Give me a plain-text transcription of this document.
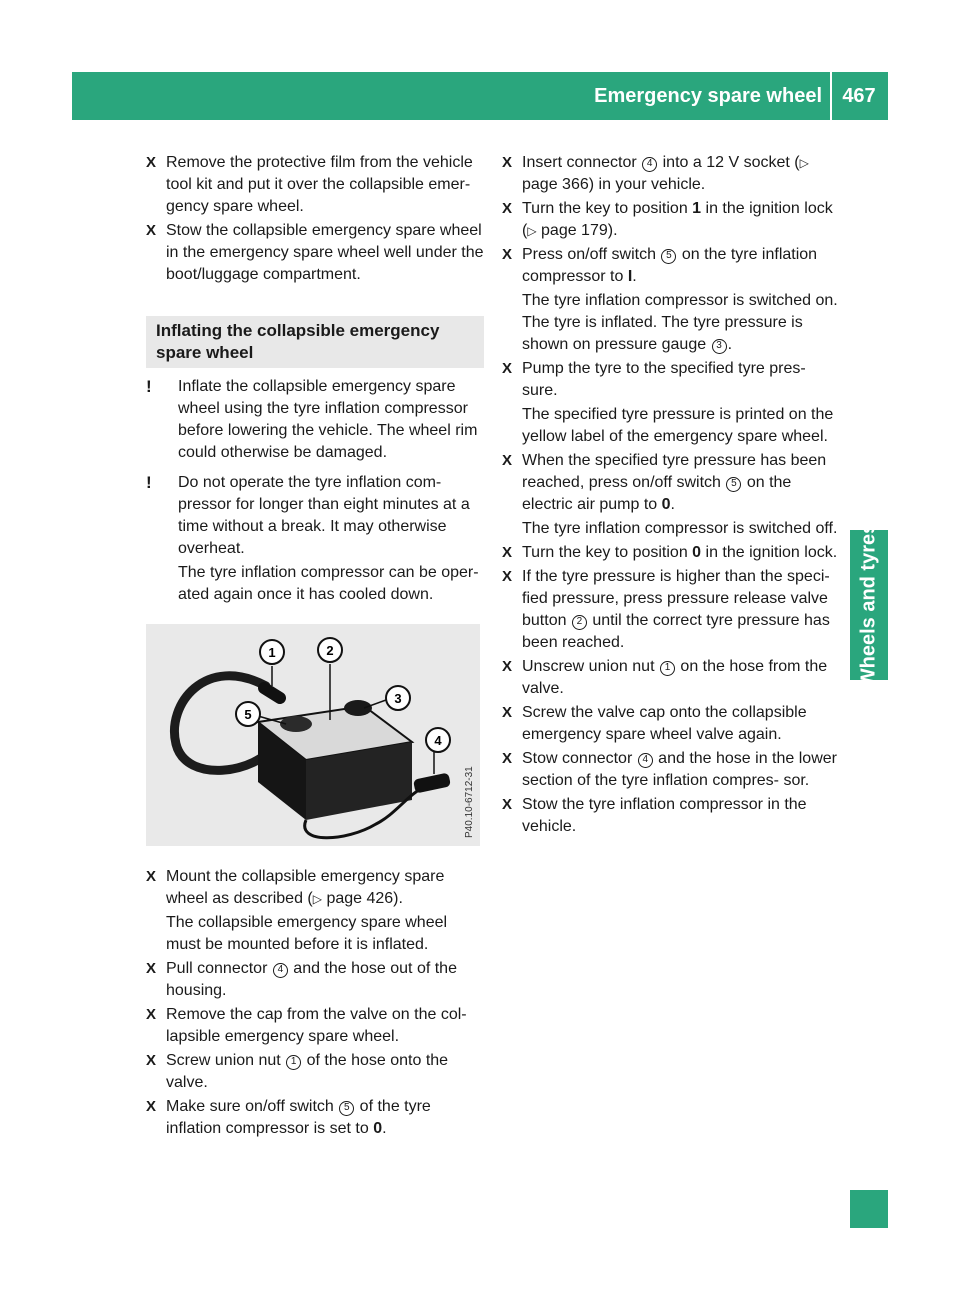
Emergency spare wheel	467
Wheels and tyres
X Remove the protective film from the vehicle tool kit and put it over the collapsible emer- gency spare wheel.
X Stow the collapsible emergency spare wheel in the emergency spare wheel well under the boot/luggage compartment.
Inflating the collapsible emergency spare wheel
!	Inflate the collapsible emergency spare wheel using the tyre inflation compressor before lowering the vehicle. The wheel rim could otherwise be damaged.
!	Do not operate the tyre inflation com- pressor for longer than eight minutes at a time without a break. It may otherwise overheat.
The tyre inflation compressor can be oper- ated again once it has cooled down.
1	2
3
4
5
P40.10-6712-31
X Mount the collapsible emergency spare wheel as described (▷ page 426).
The collapsible emergency spare wheel must be mounted before it is inflated.
X Pull connector 4 and the hose out of the housing.
X Remove the cap from the valve on the col- lapsible emergency spare wheel.
X Screw union nut 1 of the hose onto the valve.
X Make sure on/off switch 5 of the tyre inflation compressor is set to 0.
X Insert connector 4 into a 12 V socket (▷ page 366) in your vehicle.
X Turn the key to position 1 in the ignition lock (▷ page 179).
X Press on/off switch 5 on the tyre inflation compressor to I.
The tyre inflation compressor is switched on. The tyre is inflated. The tyre pressure is shown on pressure gauge 3 .
X Pump the tyre to the specified tyre pres- sure.
The specified tyre pressure is printed on the yellow label of the emergency spare wheel.
X When the specified tyre pressure has been reached, press on/off switch 5 on the electric air pump to 0.
The tyre inflation compressor is switched off.
X Turn the key to position 0 in the ignition lock.
X If the tyre pressure is higher than the speci- fied pressure, press pressure release valve button 2 until the correct tyre pressure has been reached.
X Unscrew union nut 1 on the hose from the valve.
X Screw the valve cap onto the collapsible emergency spare wheel valve again.
X Stow connector 4 and the hose in the lower section of the tyre inflation compres- sor.
X Stow the tyre inflation compressor in the vehicle.
